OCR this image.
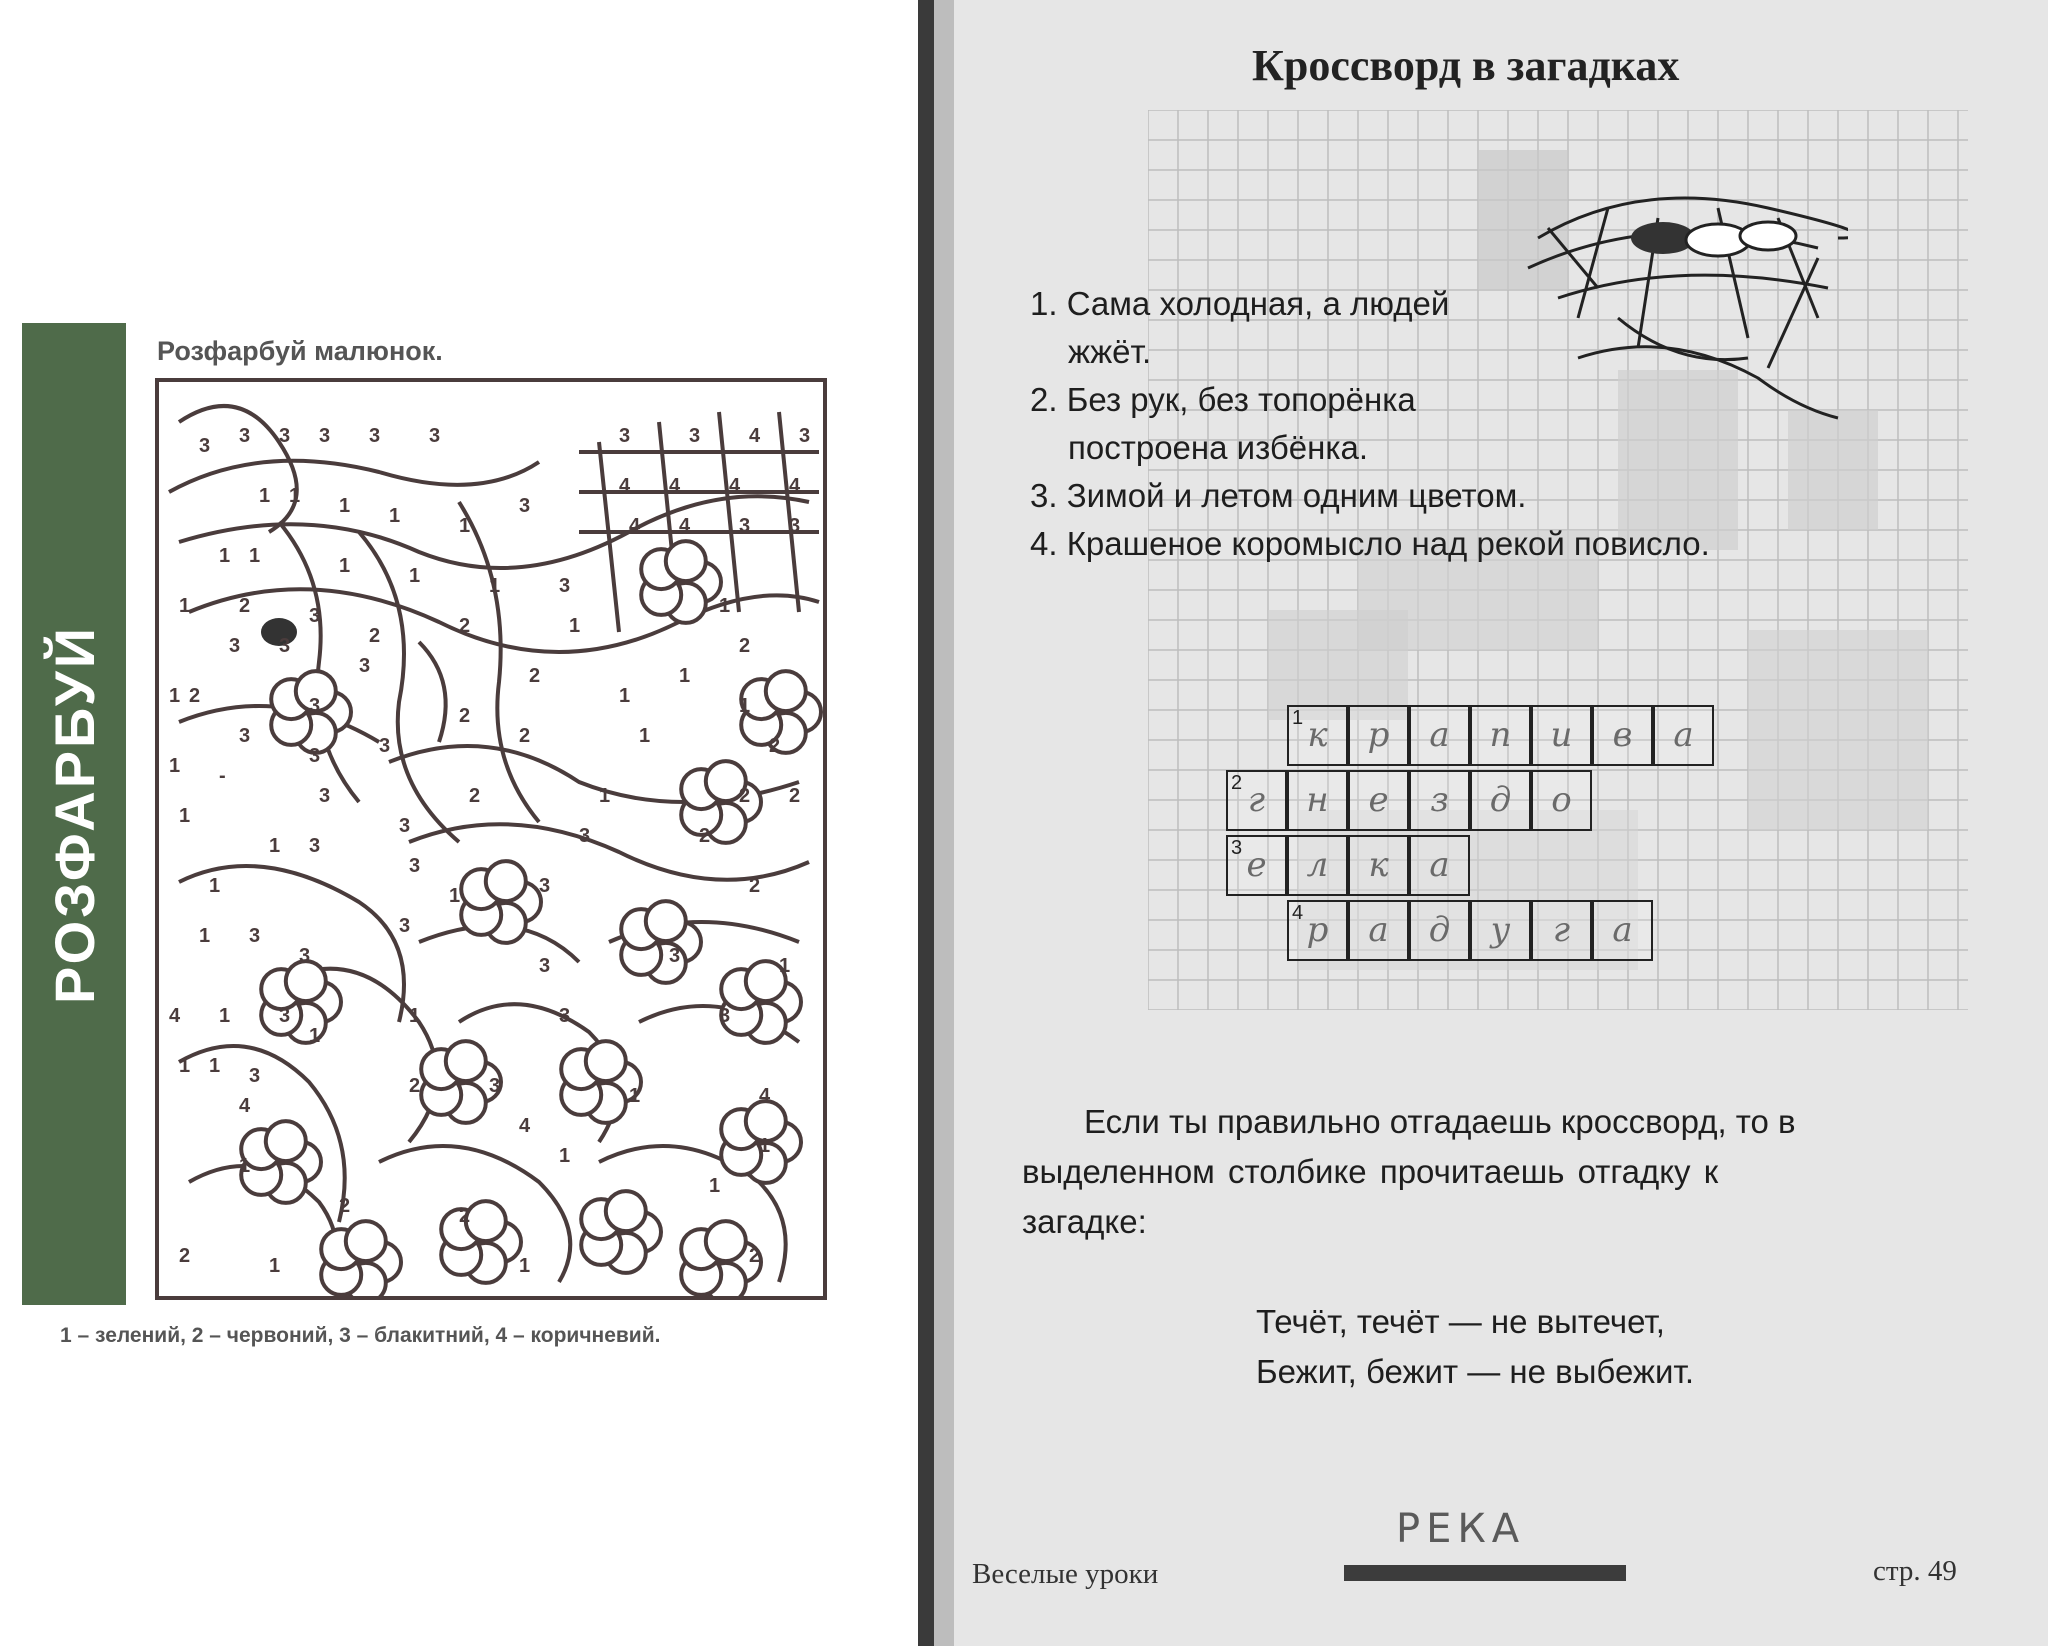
РОЗФАРБУЙ
Розфарбуй малюнок.
3 3 3 3 3 3	3	3 4 3
1 1 1 1	1
3
4 4 4 4
4 4 3 3
1 1	1	1	1	3
1 2	3
2	2	1
1
2
3 3
3	2	1
1 2	3	2
1	1
3
3	3	2	1	2
1 -
3	2	1	2 2
1
1 3
3	3	2
1
3
1	3	2
1 3
3
3
3	3	1
4 1 3
1
1	3	3
1 1 3	2	3	1	4
4
4
1
1	1
1
2	2
2	1	1	2
1 – зелений, 2 – червоний, 3 – блакитний, 4 – коричневий.
Кроссворд в загадках
1. Сама холодная, а людей
жжёт.
2. Без рук, без топорёнка
построена избёнка.
3. Зимой и летом одним цветом.
4. Крашеное коромысло над рекой повисло.
Если ты правильно отгадаешь кроссворд, то в
выделенном столбике прочитаешь отгадку к
загадке:
Течёт, течёт — не вытечет,
Бежит, бежит — не выбежит.
1 к	р	а	п	и	в	а
2 г	н	е	з	д	о
3 е	л	к	а
4 р	а	д	у	г	а
РЕКА
Веселые уроки	стр. 49
